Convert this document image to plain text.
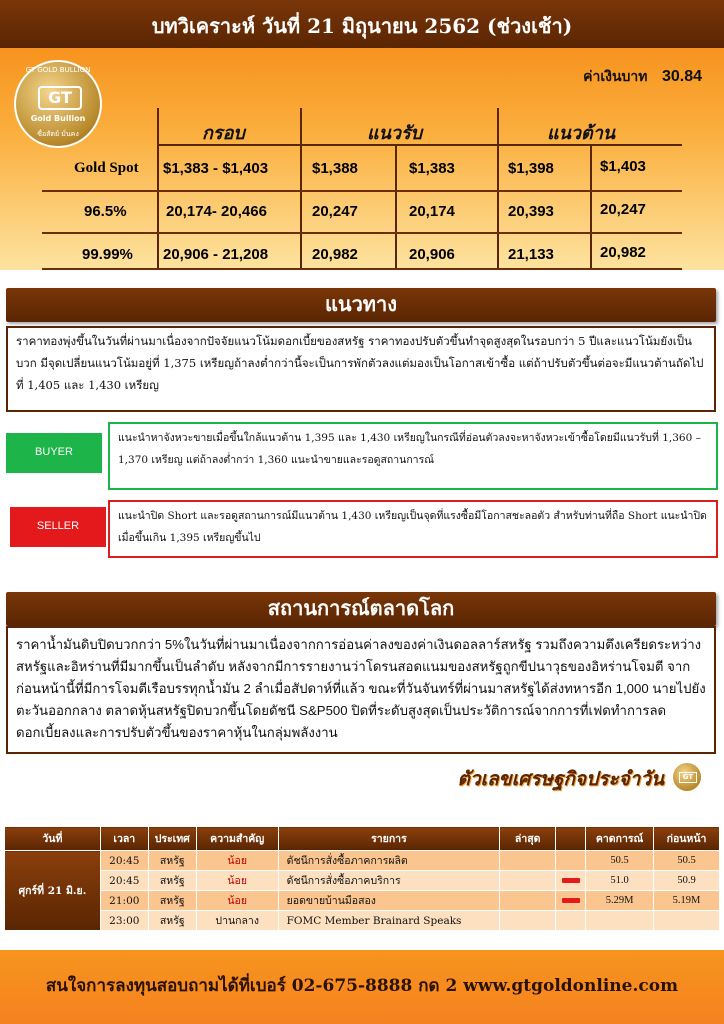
บทวิเคราะห์ วันที่ 21 มิถุนายน 2562 (ช่วงเช้า)
GT GOLD BULLION
GT
Gold Bullion
ซื่อสัตย์ มั่นคง
ค่าเงินบาท 30.84
กรอบ	แนวรับ	แนวต้าน
Gold Spot $1,383 - $1,403	$1,388	$1,383	$1,398	$1,403
96.5%	20,174- 20,466	20,247	20,174	20,393	20,247
99.99% 20,906 - 21,208	20,982	20,906	21,133	20,982
แนวทาง
ราคาทองพุ่งขึ้นในวันที่ผ่านมาเนื่องจากปัจจัยแนวโน้มดอกเบี้ยของสหรัฐ ราคาทองปรับตัวขึ้นทำจุดสูงสุดในรอบกว่า 5 ปีและแนวโน้มยังเป็นบวก มีจุดเปลี่ยนแนวโน้มอยู่ที่ 1,375 เหรียญถ้าลงต่ำกว่านี้จะเป็นการพักตัวลงแต่มองเป็นโอกาสเข้าซื้อ แต่ถ้าปรับตัวขึ้นต่อจะมีแนวต้านถัดไปที่ 1,405 และ 1,430 เหรียญ
BUYER
แนะนำหาจังหวะขายเมื่อขึ้นใกล้แนวต้าน 1,395 และ 1,430 เหรียญในกรณีที่อ่อนตัวลงจะหาจังหวะเข้าซื้อโดยมีแนวรับที่ 1,360 – 1,370 เหรียญ แต่ถ้าลงต่ำกว่า 1,360 แนะนำขายและรอดูสถานการณ์
SELLER
แนะนำปิด Short และรอดูสถานการณ์มีแนวต้าน 1,430 เหรียญเป็นจุดที่แรงซื้อมีโอกาสชะลอตัว สำหรับท่านที่ถือ Short แนะนำปิดเมื่อขึ้นเกิน 1,395 เหรียญขึ้นไป
สถานการณ์ตลาดโลก
ราคาน้ำมันดิบปิดบวกกว่า 5%ในวันที่ผ่านมาเนื่องจากการอ่อนค่าลงของค่าเงินดอลลาร์สหรัฐ รวมถึงความตึงเครียดระหว่างสหรัฐและอิหร่านที่มีมากขึ้นเป็นลำดับ หลังจากมีการรายงานว่าโดรนสอดแนมของสหรัฐถูกขีปนาวุธของอิหร่านโจมตี จากก่อนหน้านี้ที่มีการโจมตีเรือบรรทุกน้ำมัน 2 ลำเมื่อสัปดาห์ที่แล้ว ขณะที่วันจันทร์ที่ผ่านมาสหรัฐได้ส่งทหารอีก 1,000 นายไปยังตะวันออกกลาง ตลาดหุ้นสหรัฐปิดบวกขึ้นโดยดัชนี S&P500 ปิดที่ระดับสูงสุดเป็นประวัติการณ์จากการที่เฟดทำการลดดอกเบี้ยลงและการปรับตัวขึ้นของราคาหุ้นในกลุ่มพลังงาน
ตัวเลขเศรษฐกิจประจำวัน	GT
วันที่	เวลา	ประเทศ	ความสำคัญ	รายการ	ล่าสุด		คาดการณ์	ก่อนหน้า
ศุกร์ที่ 21 มิ.ย.	20:45	สหรัฐ	น้อย	ดัชนีการสั่งซื้อภาคการผลิต			50.5	50.5
	20:45	สหรัฐ	น้อย	ดัชนีการสั่งซื้อภาคบริการ			51.0	50.9
	21:00	สหรัฐ	น้อย	ยอดขายบ้านมือสอง			5.29M	5.19M
	23:00	สหรัฐ	ปานกลาง	FOMC Member Brainard Speaks				
สนใจการลงทุนสอบถามได้ที่เบอร์ 02-675-8888 กด 2 www.gtgoldonline.com
